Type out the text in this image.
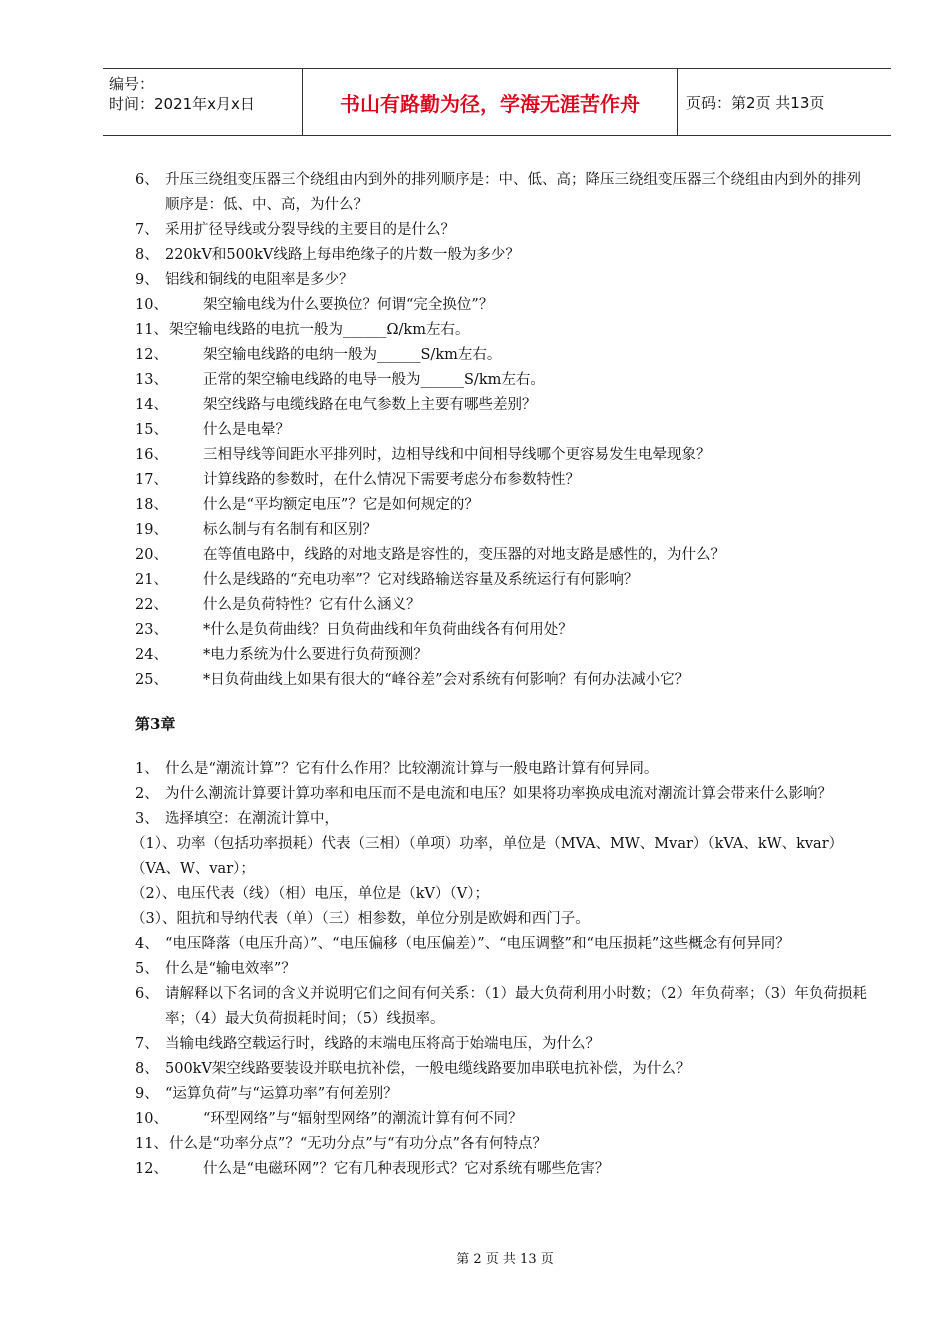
编号：
时间：2021年x月x日	书山有路勤为径，学海无涯苦作舟	页码：第2页 共13页
6、 升压三绕组变压器三个绕组由内到外的排列顺序是：中、低、高；降压三绕组变压器三个绕组由内到外的排列顺序是：低、中、高，为什么？
7、 采用扩径导线或分裂导线的主要目的是什么？
8、 220kV和500kV线路上每串绝缘子的片数一般为多少？
9、 铝线和铜线的电阻率是多少？
10、	架空输电线为什么要换位？何谓“完全换位”？
11、 架空输电线路的电抗一般为______Ω/km左右。
12、	架空输电线路的电纳一般为______S/km左右。
13、	正常的架空输电线路的电导一般为______S/km左右。
14、	架空线路与电缆线路在电气参数上主要有哪些差别？
15、	什么是电晕？
16、	三相导线等间距水平排列时，边相导线和中间相导线哪个更容易发生电晕现象？
17、	计算线路的参数时，在什么情况下需要考虑分布参数特性？
18、	什么是“平均额定电压”？它是如何规定的？
19、	标么制与有名制有和区别？
20、	在等值电路中，线路的对地支路是容性的，变压器的对地支路是感性的，为什么？
21、	什么是线路的“充电功率”？它对线路输送容量及系统运行有何影响？
22、	什么是负荷特性？它有什么涵义？
23、	*什么是负荷曲线？日负荷曲线和年负荷曲线各有何用处？
24、	*电力系统为什么要进行负荷预测？
25、	*日负荷曲线上如果有很大的“峰谷差”会对系统有何影响？有何办法减小它？
第3章
1、 什么是“潮流计算”？它有什么作用？比较潮流计算与一般电路计算有何异同。
2、 为什么潮流计算要计算功率和电压而不是电流和电压？如果将功率换成电流对潮流计算会带来什么影响？
3、 选择填空：在潮流计算中，
（1）、功率（包括功率损耗）代表（三相）（单项）功率，单位是（MVA、MW、Mvar）（kVA、kW、kvar）（VA、W、var）；
（2）、电压代表（线）（相）电压，单位是（kV）（V）；
（3）、阻抗和导纳代表（单）（三）相参数，单位分别是欧姆和西门子。
4、 “电压降落（电压升高）”、“电压偏移（电压偏差）”、“电压调整”和“电压损耗”这些概念有何异同？
5、 什么是“输电效率”？
6、 请解释以下名词的含义并说明它们之间有何关系：（1）最大负荷利用小时数；（2）年负荷率；（3）年负荷损耗率；（4）最大负荷损耗时间；（5）线损率。
7、 当输电线路空载运行时，线路的末端电压将高于始端电压，为什么？
8、 500kV架空线路要装设并联电抗补偿，一般电缆线路要加串联电抗补偿，为什么？
9、 “运算负荷”与“运算功率”有何差别？
10、	“环型网络”与“辐射型网络”的潮流计算有何不同？
11、 什么是“功率分点”？“无功分点”与“有功分点”各有何特点？
12、	什么是“电磁环网”？它有几种表现形式？它对系统有哪些危害？
第 2 页 共 13 页
